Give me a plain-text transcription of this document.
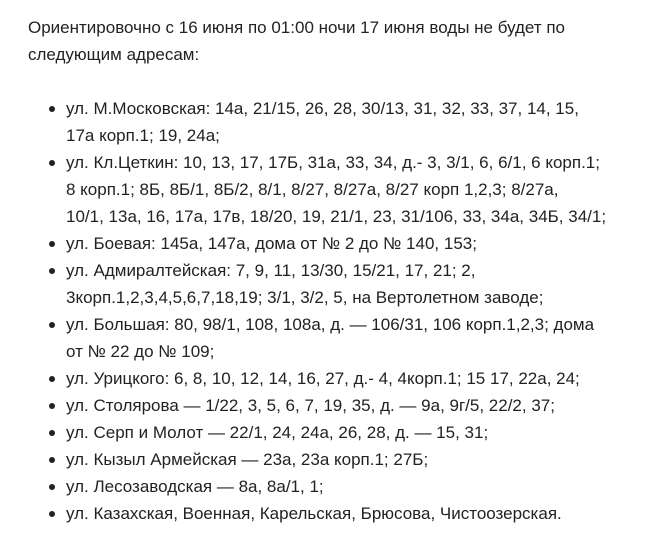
Ориентировочно с 16 июня по 01:00 ночи 17 июня воды не будет по
следующим адресам:
ул. М.Московская: 14а, 21/15, 26, 28, 30/13, 31, 32, 33, 37, 14, 15,
17а корп.1; 19, 24а;
ул. Кл.Цеткин: 10, 13, 17, 17Б, 31а, 33, 34, д.- 3, 3/1, 6, 6/1, 6 корп.1;
8 корп.1; 8Б, 8Б/1, 8Б/2, 8/1, 8/27, 8/27а, 8/27 корп 1,2,3; 8/27а,
10/1, 13а, 16, 17а, 17в, 18/20, 19, 21/1, 23, 31/106, 33, 34а, 34Б, 34/1;
ул. Боевая: 145а, 147а, дома от № 2 до № 140, 153;
ул. Адмиралтейская: 7, 9, 11, 13/30, 15/21, 17, 21; 2,
3корп.1,2,3,4,5,6,7,18,19; 3/1, 3/2, 5, на Вертолетном заводе;
ул. Большая: 80, 98/1, 108, 108а, д. — 106/31, 106 корп.1,2,3; дома
от № 22 до № 109;
ул. Урицкого: 6, 8, 10, 12, 14, 16, 27, д.- 4, 4корп.1; 15 17, 22а, 24;
ул. Столярова — 1/22, 3, 5, 6, 7, 19, 35, д. — 9а, 9г/5, 22/2, 37;
ул. Серп и Молот — 22/1, 24, 24а, 26, 28, д. — 15, 31;
ул. Кызыл Армейская — 23а, 23а корп.1; 27Б;
ул. Лесозаводская — 8а, 8а/1, 1;
ул. Казахская, Военная, Карельская, Брюсова, Чистоозерская.
